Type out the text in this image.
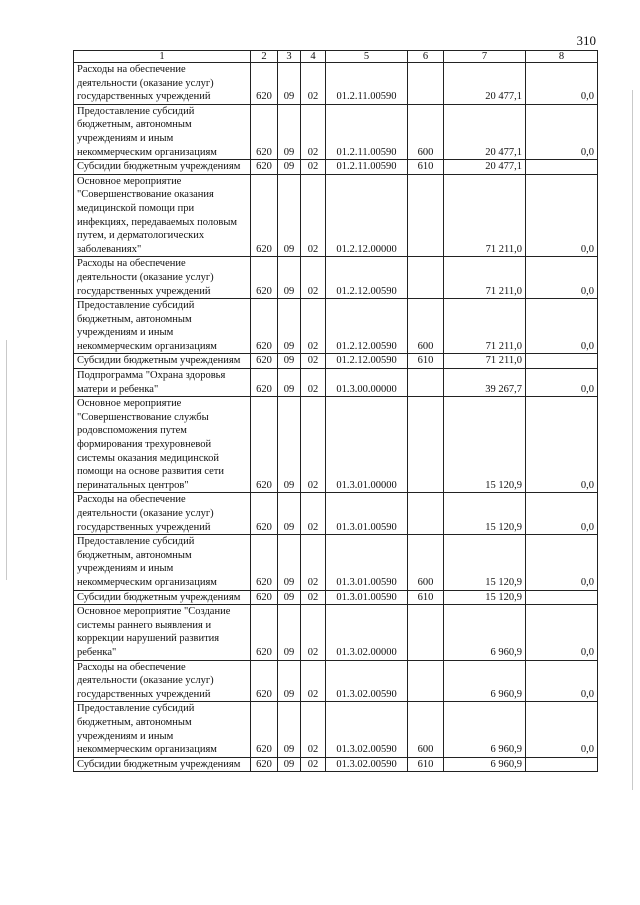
310
1	2	3	4	5	6	7	8
Расходы на обеспечение деятельности (оказание услуг) государственных учреждений	620	09	02	01.2.11.00590		20 477,1	0,0
Предоставление субсидий бюджетным, автономным учреждениям и иным некоммерческим организациям	620	09	02	01.2.11.00590	600	20 477,1	0,0
Субсидии бюджетным учреждениям	620	09	02	01.2.11.00590	610	20 477,1	
Основное мероприятие "Совершенствование оказания медицинской помощи при инфекциях, передаваемых половым путем, и дерматологических заболеваниях"	620	09	02	01.2.12.00000		71 211,0	0,0
Расходы на обеспечение деятельности (оказание услуг) государственных учреждений	620	09	02	01.2.12.00590		71 211,0	0,0
Предоставление субсидий бюджетным, автономным учреждениям и иным некоммерческим организациям	620	09	02	01.2.12.00590	600	71 211,0	0,0
Субсидии бюджетным учреждениям	620	09	02	01.2.12.00590	610	71 211,0	
Подпрограмма "Охрана здоровья матери и ребенка"	620	09	02	01.3.00.00000		39 267,7	0,0
Основное мероприятие "Совершенствование службы родовспоможения путем формирования трехуровневой системы оказания медицинской помощи на основе развития сети перинатальных центров"	620	09	02	01.3.01.00000		15 120,9	0,0
Расходы на обеспечение деятельности (оказание услуг) государственных учреждений	620	09	02	01.3.01.00590		15 120,9	0,0
Предоставление субсидий бюджетным, автономным учреждениям и иным некоммерческим организациям	620	09	02	01.3.01.00590	600	15 120,9	0,0
Субсидии бюджетным учреждениям	620	09	02	01.3.01.00590	610	15 120,9	
Основное мероприятие "Создание системы раннего выявления и коррекции нарушений развития ребенка"	620	09	02	01.3.02.00000		6 960,9	0,0
Расходы на обеспечение деятельности (оказание услуг) государственных учреждений	620	09	02	01.3.02.00590		6 960,9	0,0
Предоставление субсидий бюджетным, автономным учреждениям и иным некоммерческим организациям	620	09	02	01.3.02.00590	600	6 960,9	0,0
Субсидии бюджетным учреждениям	620	09	02	01.3.02.00590	610	6 960,9	
